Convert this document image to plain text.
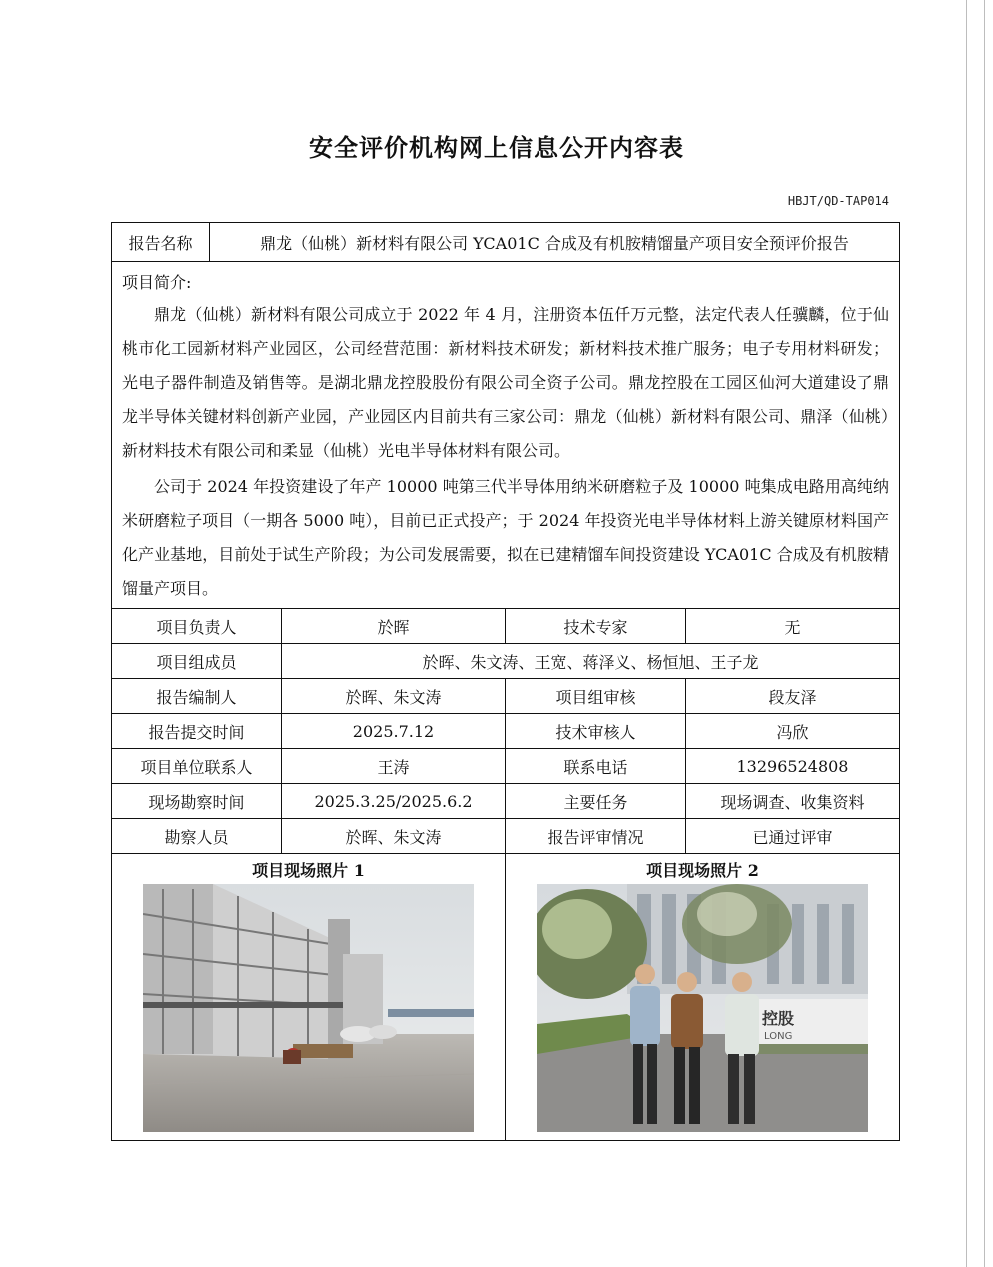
安全评价机构网上信息公开内容表
HBJT/QD-TAP014
报告名称	鼎龙（仙桃）新材料有限公司 YCA01C 合成及有机胺精馏量产项目安全预评价报告
项目简介:

鼎龙（仙桃）新材料有限公司成立于 2022 年 4 月，注册资本伍仟万元整，法定代表人任骥麟，位于仙桃市化工园新材料产业园区，公司经营范围：新材料技术研发；新材料技术推广服务；电子专用材料研发；光电子器件制造及销售等。是湖北鼎龙控股股份有限公司全资子公司。鼎龙控股在工园区仙河大道建设了鼎龙半导体关键材料创新产业园，产业园区内目前共有三家公司：鼎龙（仙桃）新材料有限公司、鼎泽（仙桃）新材料技术有限公司和柔显（仙桃）光电半导体材料有限公司。

公司于 2024 年投资建设了年产 10000 吨第三代半导体用纳米研磨粒子及 10000 吨集成电路用高纯纳米研磨粒子项目（一期各 5000 吨），目前已正式投产；于 2024 年投资光电半导体材料上游关键原材料国产化产业基地，目前处于试生产阶段；为公司发展需要，拟在已建精馏车间投资建设 YCA01C 合成及有机胺精馏量产项目。

项目负责人	於晖	技术专家	无
项目组成员	於晖、朱文涛、王宽、蒋泽义、杨恒旭、王子龙
报告编制人	於晖、朱文涛	项目组审核	段友泽
报告提交时间	2025.7.12	技术审核人	冯欣
项目单位联系人	王涛	联系电话	13296524808
现场勘察时间	2025.3.25/2025.6.2	主要任务	现场调查、收集资料
勘察人员	於晖、朱文涛	报告评审情况	已通过评审
项目现场照片 1	项目现场照片 2
控股
LONG
